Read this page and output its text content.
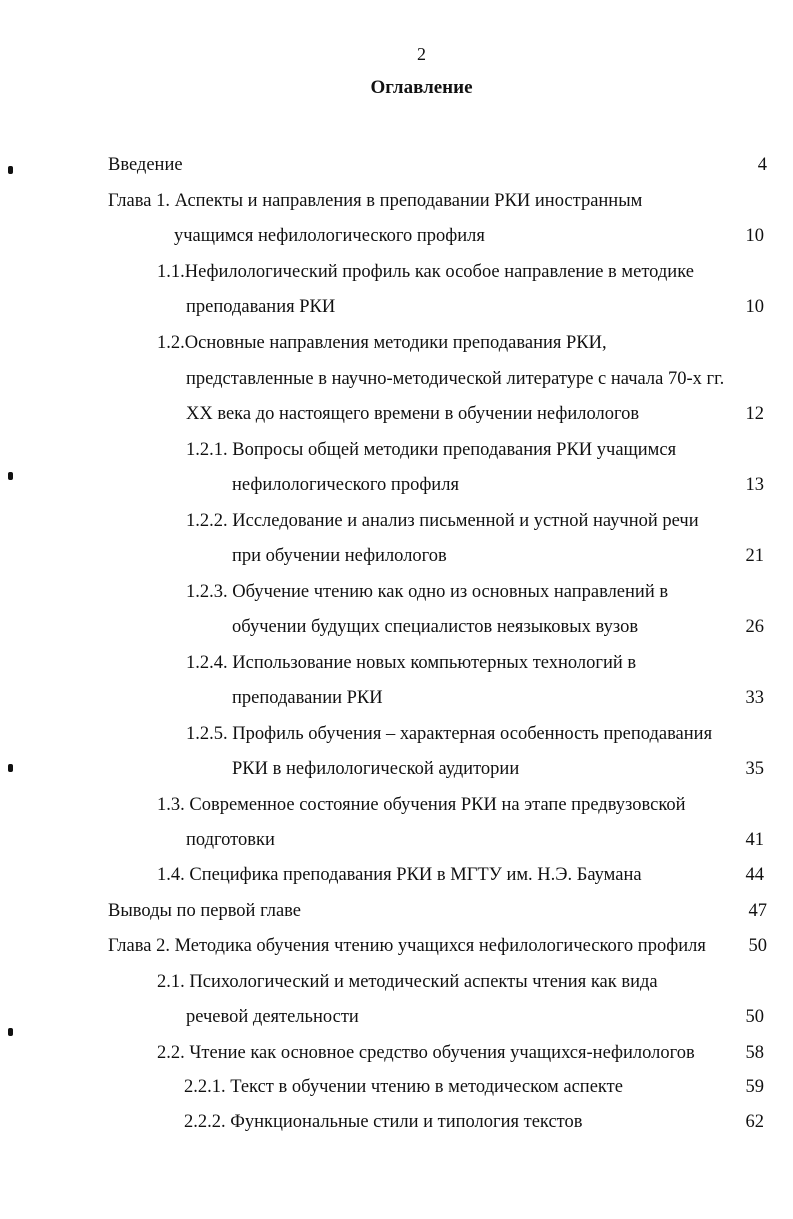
2
Оглавление
Введение	4
Глава 1. Аспекты и направления в преподавании РКИ иностранным
учащимся нефилологического профиля	10
1.1.Нефилологический профиль как особое направление в методике
преподавания РКИ	10
1.2.Основные направления методики преподавания РКИ,
представленные в научно-методической литературе с начала 70-х гг.
XX века до настоящего времени в обучении нефилологов	12
1.2.1. Вопросы общей методики преподавания РКИ учащимся
нефилологического профиля	13
1.2.2. Исследование и анализ письменной и устной научной речи
при обучении нефилологов	21
1.2.3. Обучение чтению как одно из основных направлений в
обучении будущих специалистов неязыковых вузов	26
1.2.4. Использование новых компьютерных технологий в
преподавании РКИ	33
1.2.5. Профиль обучения – характерная особенность преподавания
РКИ в нефилологической аудитории	35
1.3. Современное состояние обучения РКИ на этапе предвузовской
подготовки	41
1.4. Специфика преподавания РКИ в МГТУ им. Н.Э. Баумана	44
Выводы по первой главе	47
Глава 2. Методика обучения чтению учащихся нефилологического профиля	50
2.1. Психологический и методический аспекты чтения как вида
речевой деятельности	50
2.2. Чтение как основное средство обучения учащихся-нефилологов	58
2.2.1. Текст в обучении чтению в методическом аспекте	59
2.2.2. Функциональные стили и типология текстов	62
